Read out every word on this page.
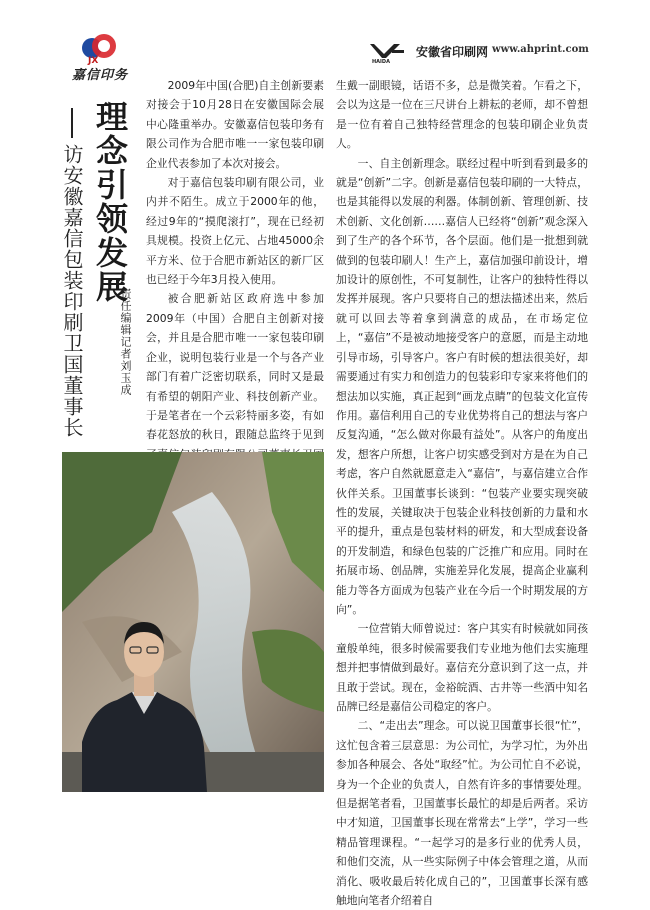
JX
嘉信印务
HAIDA
安徽省印刷网 www.ahprint.com
理念引领发展
访安徽嘉信包装印刷卫国董事长	责任编辑记者刘玉成

2009年中国(合肥)自主创新要素对接会于10月28日在安徽国际会展中心隆重举办。安徽嘉信包装印务有限公司作为合肥市唯一一家包装印刷企业代表参加了本次对接会。

对于嘉信包装印刷有限公司，业内并不陌生。成立于2000年的他，经过9年的“摸爬滚打”，现在已经初具规模。投资上亿元、占地45000余平方米、位于合肥市新站区的新厂区也已经于今年3月投入使用。

被合肥新站区政府选中参加2009年（中国）合肥自主创新对接会，并且是合肥市唯一一家包装印刷企业，说明包装行业是一个与各产业部门有着广泛密切联系，同时又是最有希望的朝阳产业、科技创新产业。于是笔者在一个云彩特丽多姿，有如春花怒放的秋日，跟随总监终于见到

生戴一副眼镜，话语不多，总是微笑着。乍看之下，会以为这是一位在三尺讲台上耕耘的老师，却不曾想是一位有着自己独特经营理念的包装印刷企业负责人。

一、自主创新理念。联经过程中听到看到最多的就是“创新”二字。创新是嘉信包装印刷的一大特点，也是其能得以发展的利器。体制创新、管理创新、技术创新、文化创新……嘉信人已经将“创新”观念深入到了生产的各个环节，各个层面。他们是一批想到就做到的包装印刷人！生产上，嘉信加强印前设计，增加设计的原创性，不可复制性，让客户的独特性得以发挥并展现。客户只要将自己的想法描述出来，然后就可以回去等着拿到满意的成品，在市场定位上，“嘉信”不是被动地接受客户的意愿，而是主动地引导市场，引导客户。客户有时候的想法很美好，却需要通过有实力和创造力的包装彩印专家来将他们的想法加以实施，真正起到“画龙点睛”的包装文化宣传作用。嘉信利用自己的专业优势将自己的想法与客户反复沟通，“怎么做对你最有益处”。从客户的角度出发，想客户所想，让客户切实感受到对方是在为自己考虑，客户自然就愿意走入“嘉信”，与嘉信建立合作伙伴关系。卫国董事长谈到：“包装产业要实现突破性的发展，关键取决于包装企业科技创新的力量和水平的提升，重点是包装材料的研发，和大型成套设备的开发制造，和绿色包装的广泛推广和应用。同时在拓展市场、创品牌，实施差异化发展，提高企业赢利能力等各方面成为包装产业在今后一个时期发展的方向”。

一位营销大师曾说过：客户其实有时候就如同孩童般单纯，很多时候需要我们专业地为他们去实施理想并把事情做到最好。嘉信充分意识到了这一点，并且敢于尝试。现在，金裕皖酒、古井等一些酒中知名品牌已经是嘉信公司稳定的客户。

二、“走出去”理念。可以说卫国董事长很“忙”，这忙包含着三层意思：为公司忙，为学习忙，为外出参加各种展会、各处“取经”忙。为公司忙自不必说，身为一个企业的负责人，自然有许多的事情要处理。但是据笔者看，卫国董事长最忙的却是后两者。采访中才知道，卫国董事长现在常常去“上学”，学习一些精品管理课程。“一起学习的是多行业的优秀人员，和他们交流，从一些实际例子中体会管理之道，从而消化、吸收最后转化成自己的”，卫国董事长深有感触地向笔者介绍着自
